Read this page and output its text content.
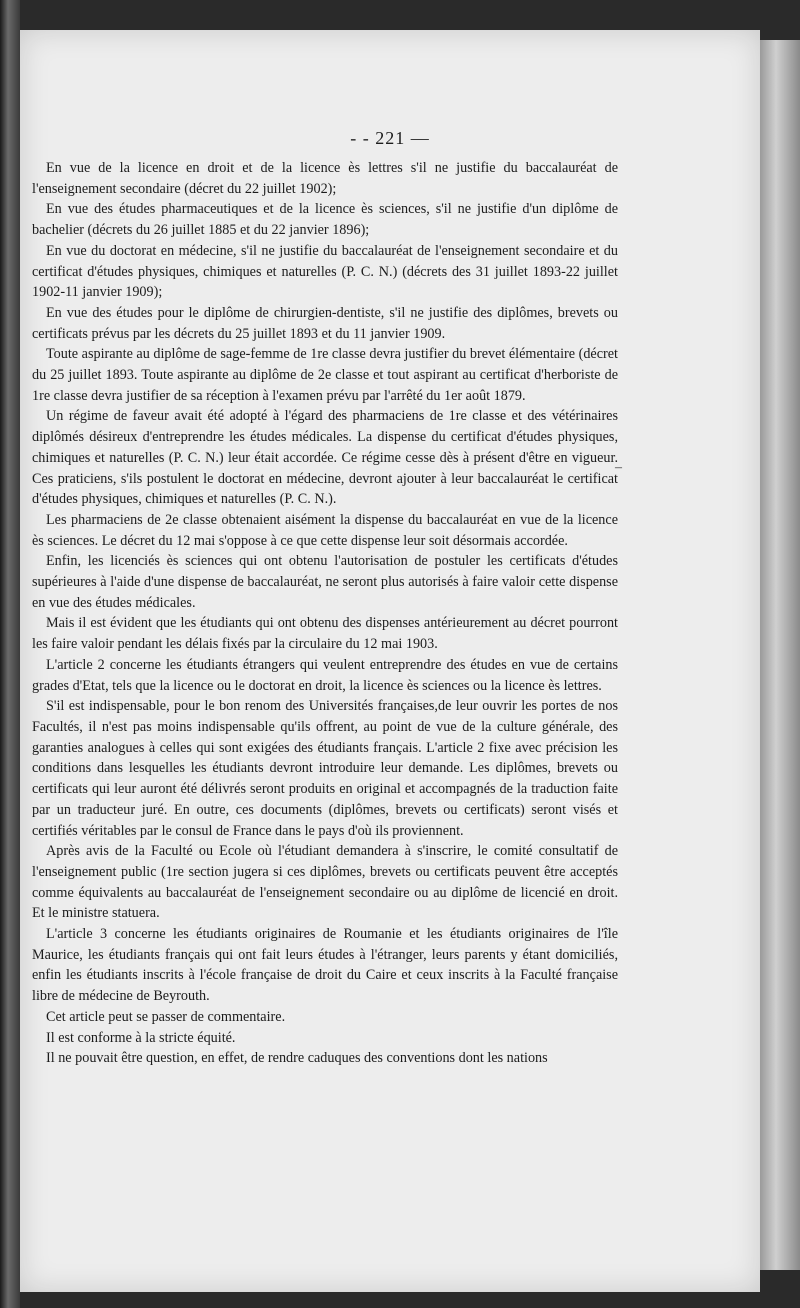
- - 221 —

En vue de la licence en droit et de la licence ès lettres s'il ne justifie du baccalauréat de l'enseignement secondaire (décret du 22 juillet 1902);

En vue des études pharmaceutiques et de la licence ès sciences, s'il ne justifie d'un diplôme de bachelier (décrets du 26 juillet 1885 et du 22 janvier 1896);

En vue du doctorat en médecine, s'il ne justifie du baccalauréat de l'enseignement secondaire et du certificat d'études physiques, chimiques et naturelles (P. C. N.) (décrets des 31 juillet 1893-22 juillet 1902-11 janvier 1909);

En vue des études pour le diplôme de chirurgien-dentiste, s'il ne justifie des diplômes, brevets ou certificats prévus par les décrets du 25 juillet 1893 et du 11 janvier 1909.

Toute aspirante au diplôme de sage-femme de 1re classe devra justifier du brevet élémentaire (décret du 25 juillet 1893. Toute aspirante au diplôme de 2e classe et tout aspirant au certificat d'herboriste de 1re classe devra justifier de sa réception à l'examen prévu par l'arrêté du 1er août 1879.

Un régime de faveur avait été adopté à l'égard des pharmaciens de 1re classe et des vétérinaires diplômés désireux d'entreprendre les études médicales. La dispense du certificat d'études physiques, chimiques et naturelles (P. C. N.) leur était accordée. Ce régime cesse dès à présent d'être en vigueur. Ces praticiens, s'ils postulent le doctorat en médecine, devront ajouter à leur baccalauréat le certificat d'études physiques, chimiques et naturelles (P. C. N.).

Les pharmaciens de 2e classe obtenaient aisément la dispense du baccalauréat en vue de la licence ès sciences. Le décret du 12 mai s'oppose à ce que cette dispense leur soit désormais accordée.

Enfin, les licenciés ès sciences qui ont obtenu l'autorisation de postuler les certificats d'études supérieures à l'aide d'une dispense de baccalauréat, ne seront plus autorisés à faire valoir cette dispense en vue des études médicales.

Mais il est évident que les étudiants qui ont obtenu des dispenses antérieurement au décret pourront les faire valoir pendant les délais fixés par la circulaire du 12 mai 1903.

L'article 2 concerne les étudiants étrangers qui veulent entreprendre des études en vue de certains grades d'Etat, tels que la licence ou le doctorat en droit, la licence ès sciences ou la licence ès lettres.

S'il est indispensable, pour le bon renom des Universités françaises,de leur ouvrir les portes de nos Facultés, il n'est pas moins indispensable qu'ils offrent, au point de vue de la culture générale, des garanties analogues à celles qui sont exigées des étudiants français. L'article 2 fixe avec précision les conditions dans lesquelles les étudiants devront introduire leur demande. Les diplômes, brevets ou certificats qui leur auront été délivrés seront produits en original et accompagnés de la traduction faite par un traducteur juré. En outre, ces documents (diplômes, brevets ou certificats) seront visés et certifiés véritables par le consul de France dans le pays d'où ils proviennent.

Après avis de la Faculté ou Ecole où l'étudiant demandera à s'inscrire, le comité consultatif de l'enseignement public (1re section jugera si ces diplômes, brevets ou certificats peuvent être acceptés comme équivalents au baccalauréat de l'enseignement secondaire ou au diplôme de licencié en droit. Et le ministre statuera.

L'article 3 concerne les étudiants originaires de Roumanie et les étudiants originaires de l'île Maurice, les étudiants français qui ont fait leurs études à l'étranger, leurs parents y étant domiciliés, enfin les étudiants inscrits à l'école française de droit du Caire et ceux inscrits à la Faculté française libre de médecine de Beyrouth.

Cet article peut se passer de commentaire.

Il est conforme à la stricte équité.

Il ne pouvait être question, en effet, de rendre caduques des conventions dont les nations

–
